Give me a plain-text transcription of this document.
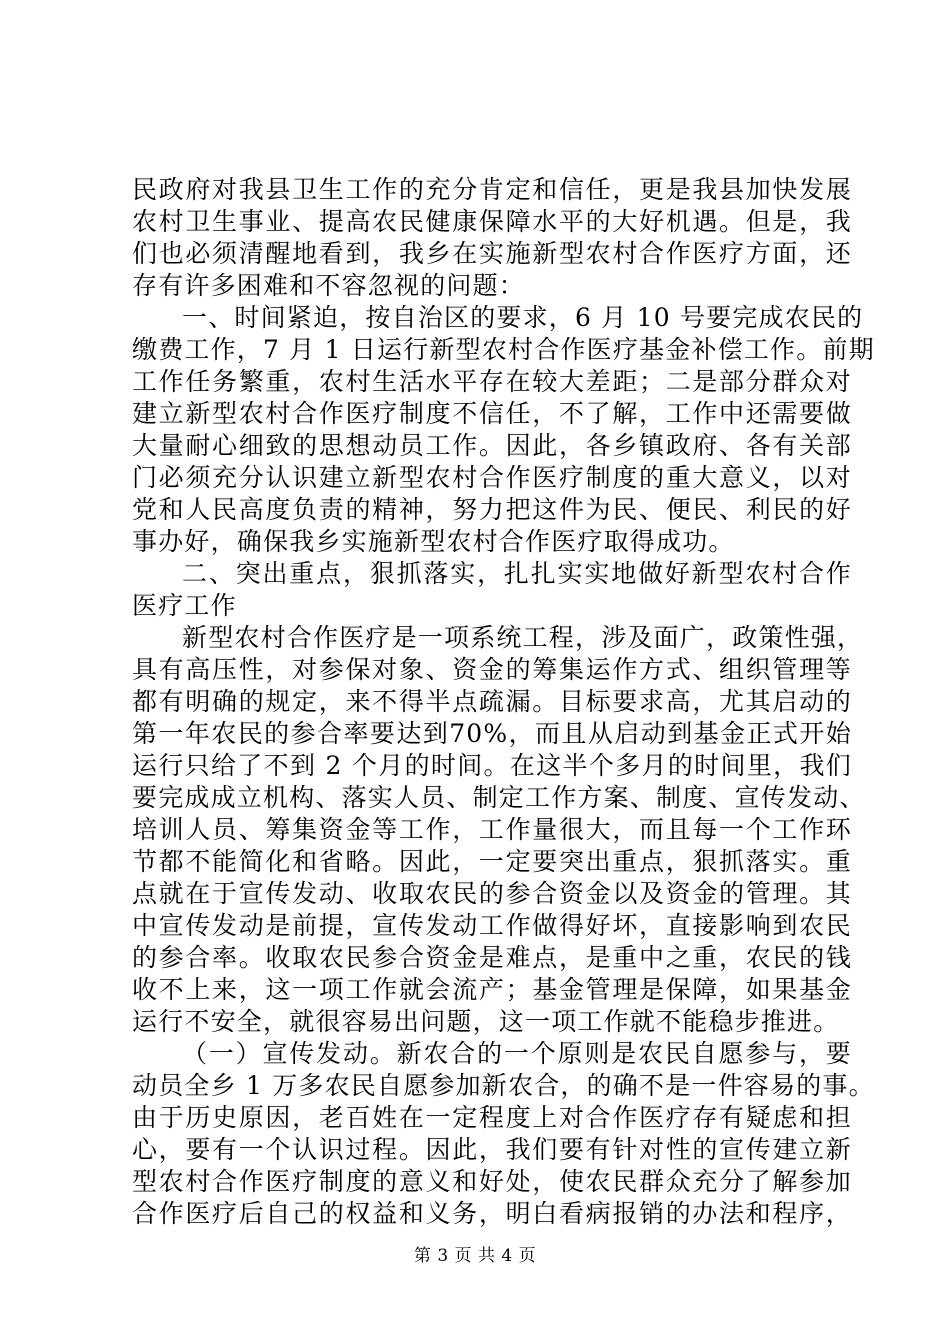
民政府对我县卫生工作的充分肯定和信任，更是我县加快发展
农村卫生事业、提高农民健康保障水平的大好机遇。但是，我
们也必须清醒地看到，我乡在实施新型农村合作医疗方面，还
存有许多困难和不容忽视的问题：
一、时间紧迫，按自治区的要求，6 月 10 号要完成农民的
缴费工作，7 月 1 日运行新型农村合作医疗基金补偿工作。前期
工作任务繁重，农村生活水平存在较大差距；二是部分群众对
建立新型农村合作医疗制度不信任，不了解，工作中还需要做
大量耐心细致的思想动员工作。因此，各乡镇政府、各有关部
门必须充分认识建立新型农村合作医疗制度的重大意义，以对
党和人民高度负责的精神，努力把这件为民、便民、利民的好
事办好，确保我乡实施新型农村合作医疗取得成功。
二、突出重点，狠抓落实，扎扎实实地做好新型农村合作
医疗工作
新型农村合作医疗是一项系统工程，涉及面广，政策性强，
具有高压性，对参保对象、资金的筹集运作方式、组织管理等
都有明确的规定，来不得半点疏漏。目标要求高，尤其启动的
第一年农民的参合率要达到70%，而且从启动到基金正式开始
运行只给了不到 2 个月的时间。在这半个多月的时间里，我们
要完成成立机构、落实人员、制定工作方案、制度、宣传发动、
培训人员、筹集资金等工作，工作量很大，而且每一个工作环
节都不能简化和省略。因此，一定要突出重点，狠抓落实。重
点就在于宣传发动、收取农民的参合资金以及资金的管理。其
中宣传发动是前提，宣传发动工作做得好坏，直接影响到农民
的参合率。收取农民参合资金是难点，是重中之重，农民的钱
收不上来，这一项工作就会流产；基金管理是保障，如果基金
运行不安全，就很容易出问题，这一项工作就不能稳步推进。
（一）宣传发动。新农合的一个原则是农民自愿参与，要
动员全乡 1 万多农民自愿参加新农合，的确不是一件容易的事。
由于历史原因，老百姓在一定程度上对合作医疗存有疑虑和担
心，要有一个认识过程。因此，我们要有针对性的宣传建立新
型农村合作医疗制度的意义和好处，使农民群众充分了解参加
合作医疗后自己的权益和义务，明白看病报销的办法和程序，
第 3 页 共 4 页
